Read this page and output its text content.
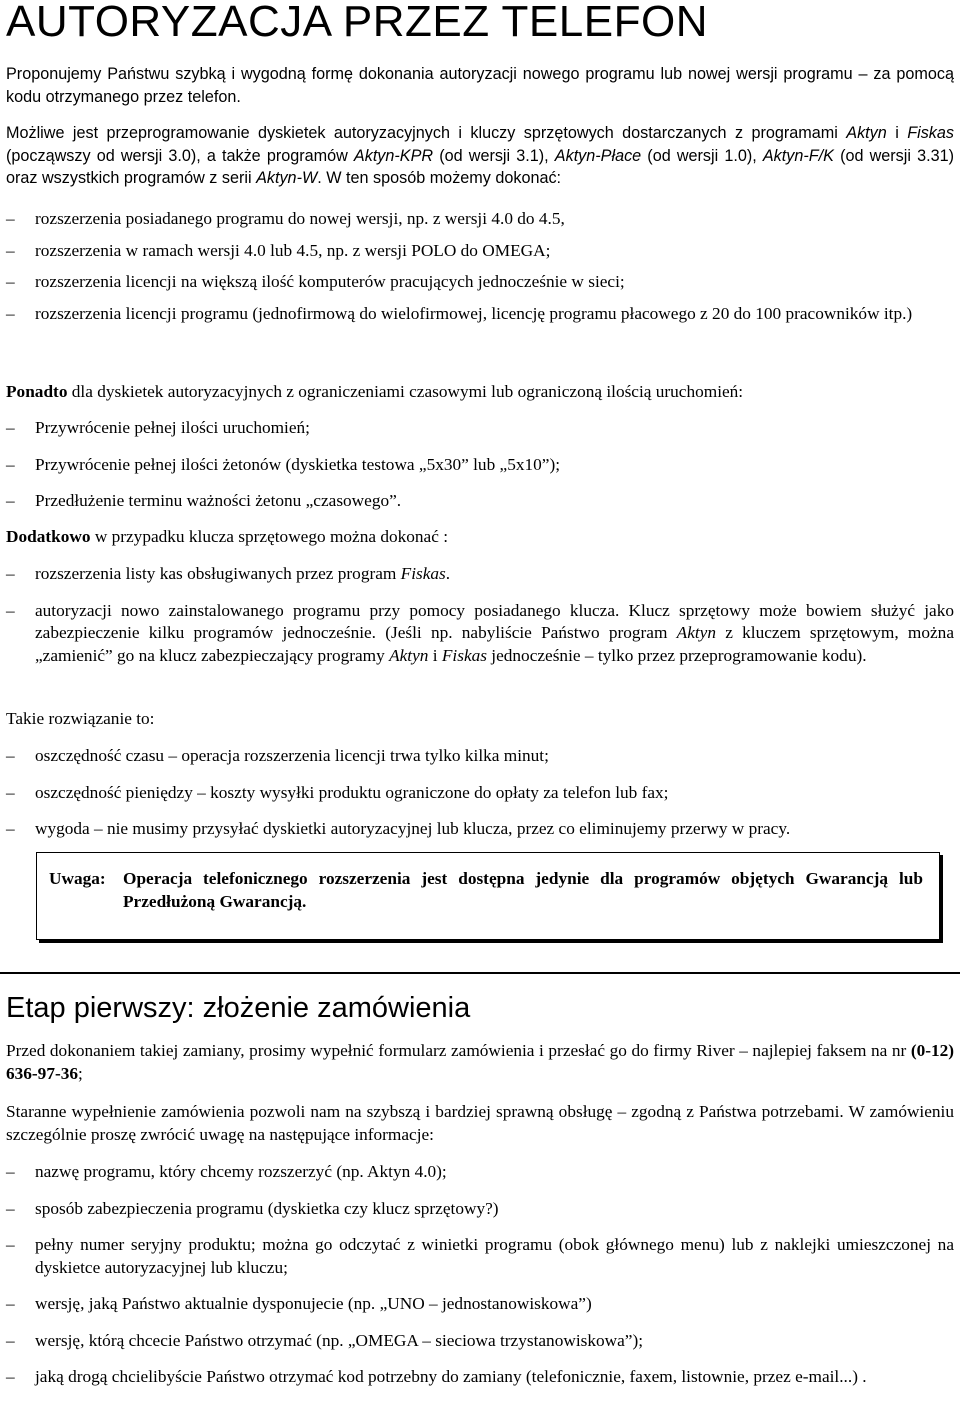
AUTORYZACJA PRZEZ TELEFON

Proponujemy Państwu szybką i wygodną formę dokonania autoryzacji nowego programu lub nowej wersji programu – za pomocą kodu otrzymanego przez telefon.

Możliwe jest przeprogramowanie dyskietek autoryzacyjnych i kluczy sprzętowych dostarczanych z programami Aktyn i Fiskas (począwszy od wersji 3.0), a także programów Aktyn-KPR (od wersji 3.1), Aktyn-Płace (od wersji 1.0), Aktyn-F/K (od wersji 3.31) oraz wszystkich programów z serii Aktyn-W. W ten sposób możemy dokonać:

– rozszerzenia posiadanego programu do nowej wersji, np. z wersji 4.0 do 4.5,
– rozszerzenia w ramach wersji 4.0 lub 4.5, np. z wersji POLO do OMEGA;
– rozszerzenia licencji na większą ilość komputerów pracujących jednocześnie w sieci;
– rozszerzenia licencji programu (jednofirmową do wielofirmowej, licencję programu płacowego z 20 do 100 pracowników itp.)

Ponadto dla dyskietek autoryzacyjnych z ograniczeniami czasowymi lub ograniczoną ilością uruchomień:

– Przywrócenie pełnej ilości uruchomień;
– Przywrócenie pełnej ilości żetonów (dyskietka testowa „5x30” lub „5x10”);
– Przedłużenie terminu ważności żetonu „czasowego”.

Dodatkowo w przypadku klucza sprzętowego można dokonać :

– rozszerzenia listy kas obsługiwanych przez program Fiskas.
– autoryzacji nowo zainstalowanego programu przy pomocy posiadanego klucza. Klucz sprzętowy może bowiem służyć jako zabezpieczenie kilku programów jednocześnie. (Jeśli np. nabyliście Państwo program Aktyn z kluczem sprzętowym, można „zamienić” go na klucz zabezpieczający programy Aktyn i Fiskas jednocześnie – tylko przez przeprogramowanie kodu).

Takie rozwiązanie to:

– oszczędność czasu – operacja rozszerzenia licencji trwa tylko kilka minut;
– oszczędność pieniędzy – koszty wysyłki produktu ograniczone do opłaty za telefon lub fax;
– wygoda – nie musimy przysyłać dyskietki autoryzacyjnej lub klucza, przez co eliminujemy przerwy w pracy.
Uwaga: Operacja telefonicznego rozszerzenia jest dostępna jedynie dla programów objętych Gwarancją lub Przedłużoną Gwarancją.
Etap pierwszy: złożenie zamówienia

Przed dokonaniem takiej zamiany, prosimy wypełnić formularz zamówienia i przesłać go do firmy River – najlepiej faksem na nr (0-12) 636-97-36;

Staranne wypełnienie zamówienia pozwoli nam na szybszą i bardziej sprawną obsługę – zgodną z Państwa potrzebami. W zamówieniu szczególnie proszę zwrócić uwagę na następujące informacje:

– nazwę programu, który chcemy rozszerzyć (np. Aktyn 4.0);
– sposób zabezpieczenia programu (dyskietka czy klucz sprzętowy?)
– pełny numer seryjny produktu; można go odczytać z winietki programu (obok głównego menu) lub z naklejki umieszczonej na dyskietce autoryzacyjnej lub kluczu;
– wersję, jaką Państwo aktualnie dysponujecie (np. „UNO – jednostanowiskowa”)
– wersję, którą chcecie Państwo otrzymać (np. „OMEGA – sieciowa trzystanowiskowa”);
– jaką drogą chcielibyście Państwo otrzymać kod potrzebny do zamiany (telefonicznie, faxem, listownie, przez e-mail...) .
